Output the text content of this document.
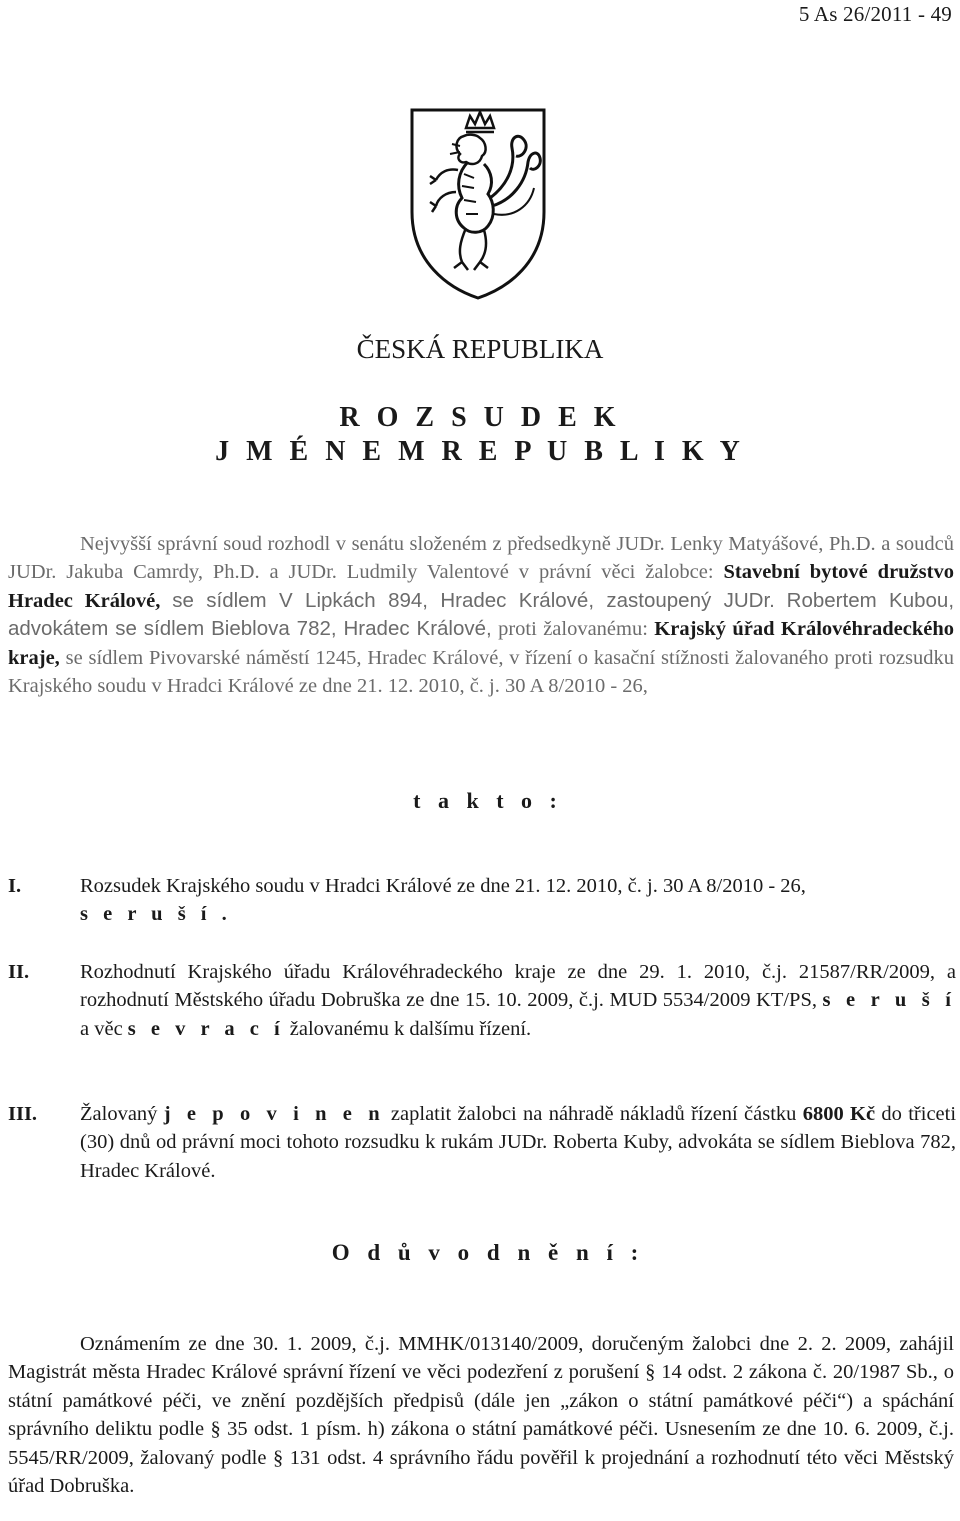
5 As 26/2011 - 49
ČESKÁ REPUBLIKA
R O Z S U D E K
J M É N E M R E P U B L I K Y
Nejvyšší správní soud rozhodl v senátu složeném z předsedkyně JUDr. Lenky Matyášové, Ph.D. a soudců JUDr. Jakuba Camrdy, Ph.D. a JUDr. Ludmily Valentové v právní věci žalobce: Stavební bytové družstvo Hradec Králové, se sídlem V Lipkách 894, Hradec Králové, zastoupený JUDr. Robertem Kubou, advokátem se sídlem Bieblova 782, Hradec Králové, proti žalovanému: Krajský úřad Královéhradeckého kraje, se sídlem Pivovarské náměstí 1245, Hradec Králové, v řízení o kasační stížnosti žalovaného proti rozsudku Krajského soudu v Hradci Králové ze dne 21. 12. 2010, č. j. 30 A 8/2010 - 26,
t a k t o :
I.	Rozsudek Krajského soudu v Hradci Králové ze dne 21. 12. 2010, č. j. 30 A 8/2010 - 26,
s e r u š í .
II. Rozhodnutí Krajského úřadu Královéhradeckého kraje ze dne 29. 1. 2010, č.j. 21587/RR/2009, a rozhodnutí Městského úřadu Dobruška ze dne 15. 10. 2009, č.j. MUD 5534/2009 KT/PS, s e r u š í a věc s e v r a c í žalovanému k dalšímu řízení.
III. Žalovaný j e p o v i n e n zaplatit žalobci na náhradě nákladů řízení částku 6800 Kč do třiceti (30) dnů od právní moci tohoto rozsudku k rukám JUDr. Roberta Kuby, advokáta se sídlem Bieblova 782, Hradec Králové.
O d ů v o d n ě n í :
Oznámením ze dne 30. 1. 2009, č.j. MMHK/013140/2009, doručeným žalobci dne 2. 2. 2009, zahájil Magistrát města Hradec Králové správní řízení ve věci podezření z porušení § 14 odst. 2 zákona č. 20/1987 Sb., o státní památkové péči, ve znění pozdějších předpisů (dále jen „zákon o státní památkové péči“) a spáchání správního deliktu podle § 35 odst. 1 písm. h) zákona o státní památkové péči. Usnesením ze dne 10. 6. 2009, č.j. 5545/RR/2009, žalovaný podle § 131 odst. 4 správního řádu pověřil k projednání a rozhodnutí této věci Městský úřad Dobruška.
